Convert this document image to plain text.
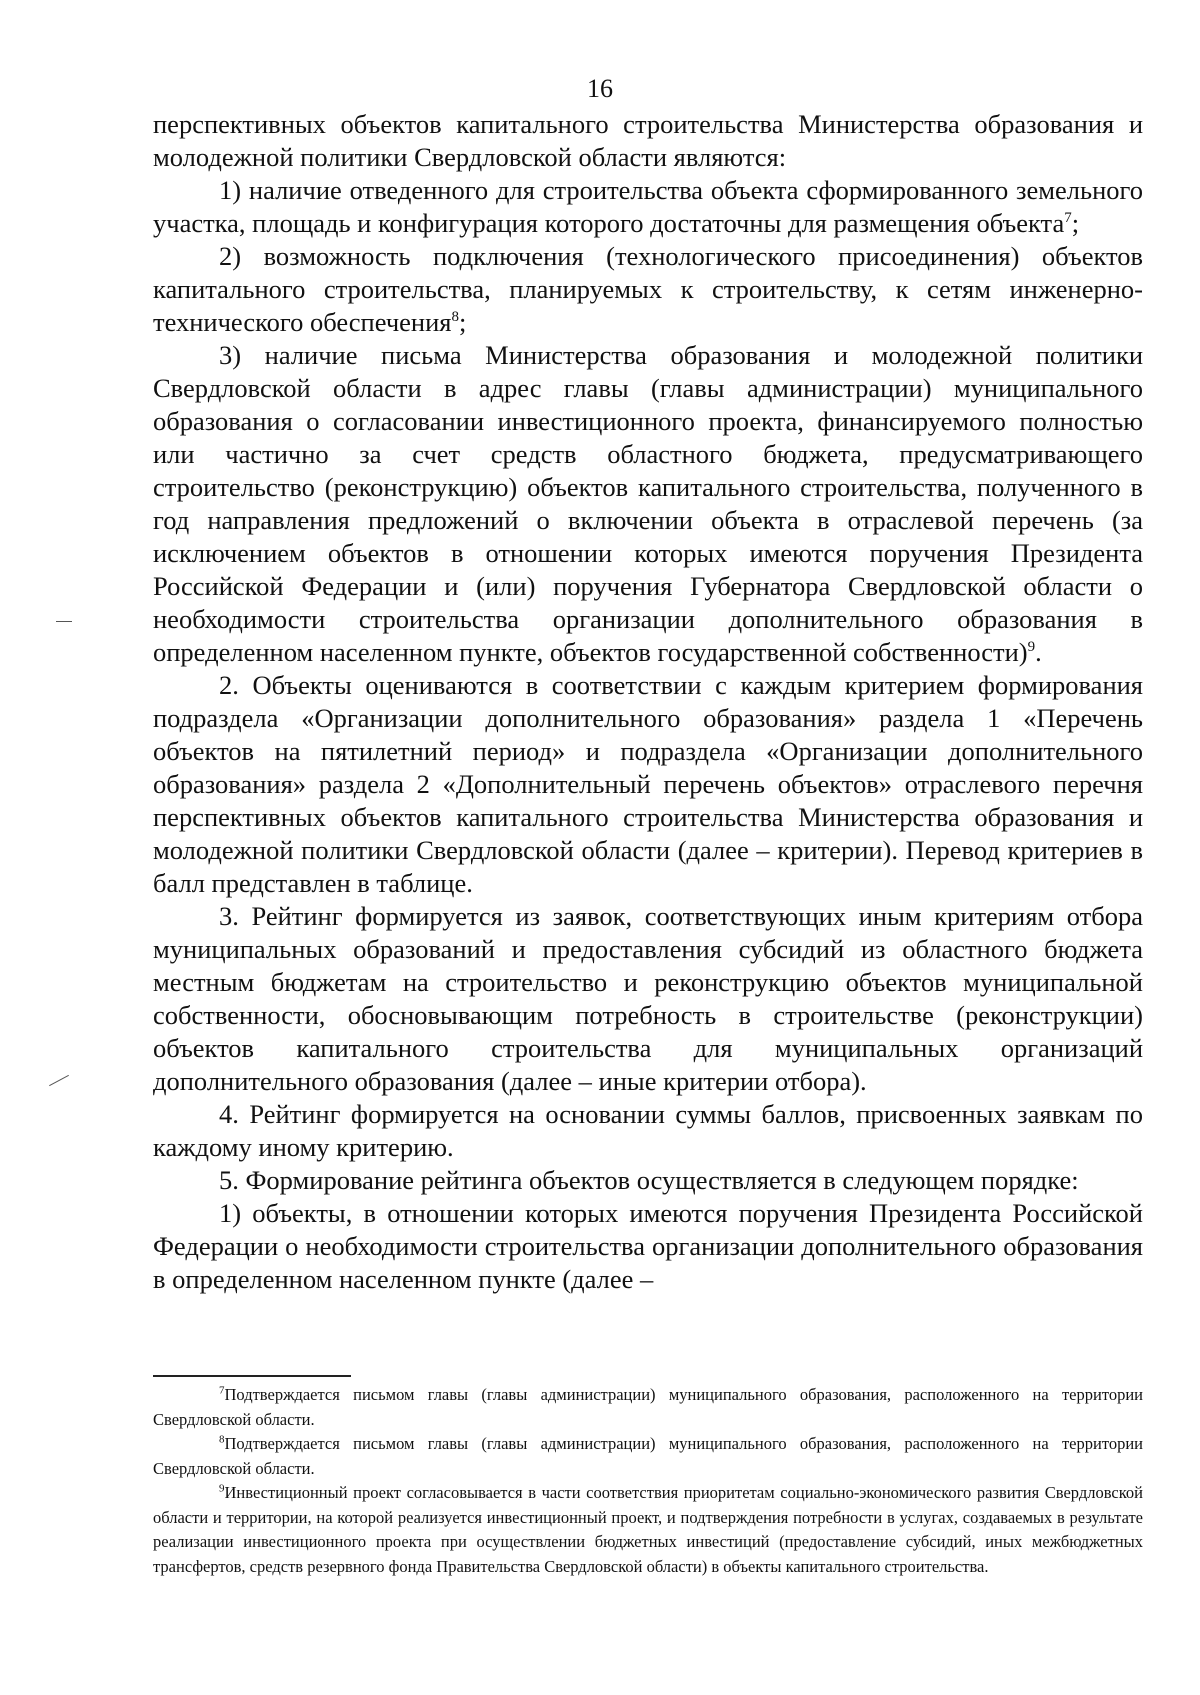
16

перспективных объектов капитального строительства Министерства образования и молодежной политики Свердловской области являются:

1) наличие отведенного для строительства объекта сформированного земельного участка, площадь и конфигурация которого достаточны для размещения объекта$^7$;

2) возможность подключения (технологического присоединения) объектов капитального строительства, планируемых к строительству, к сетям инженерно-технического обеспечения$^8$;

3) наличие письма Министерства образования и молодежной политики Свердловской области в адрес главы (главы администрации) муниципального образования о согласовании инвестиционного проекта, финансируемого полностью или частично за счет средств областного бюджета, предусматривающего строительство (реконструкцию) объектов капитального строительства, полученного в год направления предложений о включении объекта в отраслевой перечень (за исключением объектов в отношении которых имеются поручения Президента Российской Федерации и (или) поручения Губернатора Свердловской области о необходимости строительства организации дополнительного образования в определенном населенном пункте, объектов государственной собственности)$^9$.

2. Объекты оцениваются в соответствии с каждым критерием формирования подраздела «Организации дополнительного образования» раздела 1 «Перечень объектов на пятилетний период» и подраздела «Организации дополнительного образования» раздела 2 «Дополнительный перечень объектов» отраслевого перечня перспективных объектов капитального строительства Министерства образования и молодежной политики Свердловской области (далее – критерии). Перевод критериев в балл представлен в таблице.

3. Рейтинг формируется из заявок, соответствующих иным критериям отбора муниципальных образований и предоставления субсидий из областного бюджета местным бюджетам на строительство и реконструкцию объектов муниципальной собственности, обосновывающим потребность в строительстве (реконструкции) объектов капитального строительства для муниципальных организаций дополнительного образования (далее – иные критерии отбора).

4. Рейтинг формируется на основании суммы баллов, присвоенных заявкам по каждому иному критерию.

5. Формирование рейтинга объектов осуществляется в следующем порядке:

1) объекты, в отношении которых имеются поручения Президента Российской Федерации о необходимости строительства организации дополнительного образования в определенном населенном пункте (далее –

$^7$Подтверждается письмом главы (главы администрации) муниципального образования, расположенного на территории Свердловской области.

$^8$Подтверждается письмом главы (главы администрации) муниципального образования, расположенного на территории Свердловской области.

$^9$Инвестиционный проект согласовывается в части соответствия приоритетам социально-экономического развития Свердловской области и территории, на которой реализуется инвестиционный проект, и подтверждения потребности в услугах, создаваемых в результате реализации инвестиционного проекта при осуществлении бюджетных инвестиций (предоставление субсидий, иных межбюджетных трансфертов, средств резервного фонда Правительства Свердловской области) в объекты капитального строительства.
